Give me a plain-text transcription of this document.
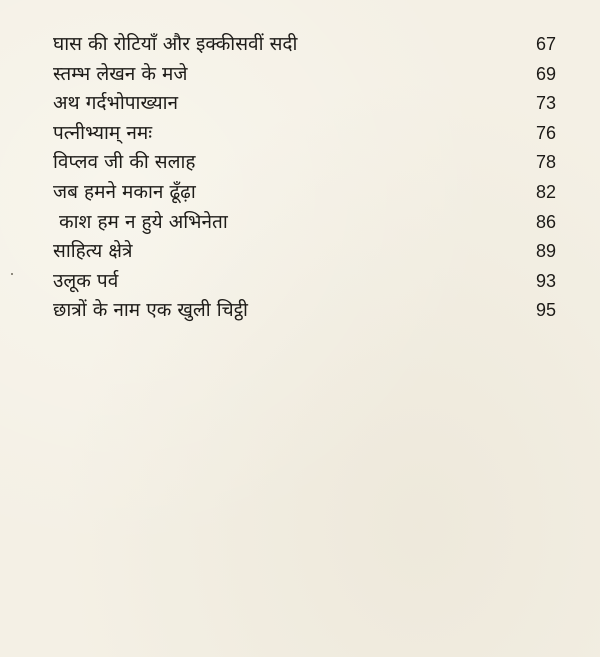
घास की रोटियाँ और इक्कीसवीं सदी	67
स्तम्भ लेखन के मजे	69
अथ गर्दभोपाख्यान	73
पत्नीभ्याम् नमः	76
विप्लव जी की सलाह	78
जब हमने मकान ढूँढ़ा	82
काश हम न हुये अभिनेता	86
साहित्य क्षेत्रे	89
उलूक पर्व	93
छात्रों के नाम एक खुली चिट्ठी	95
